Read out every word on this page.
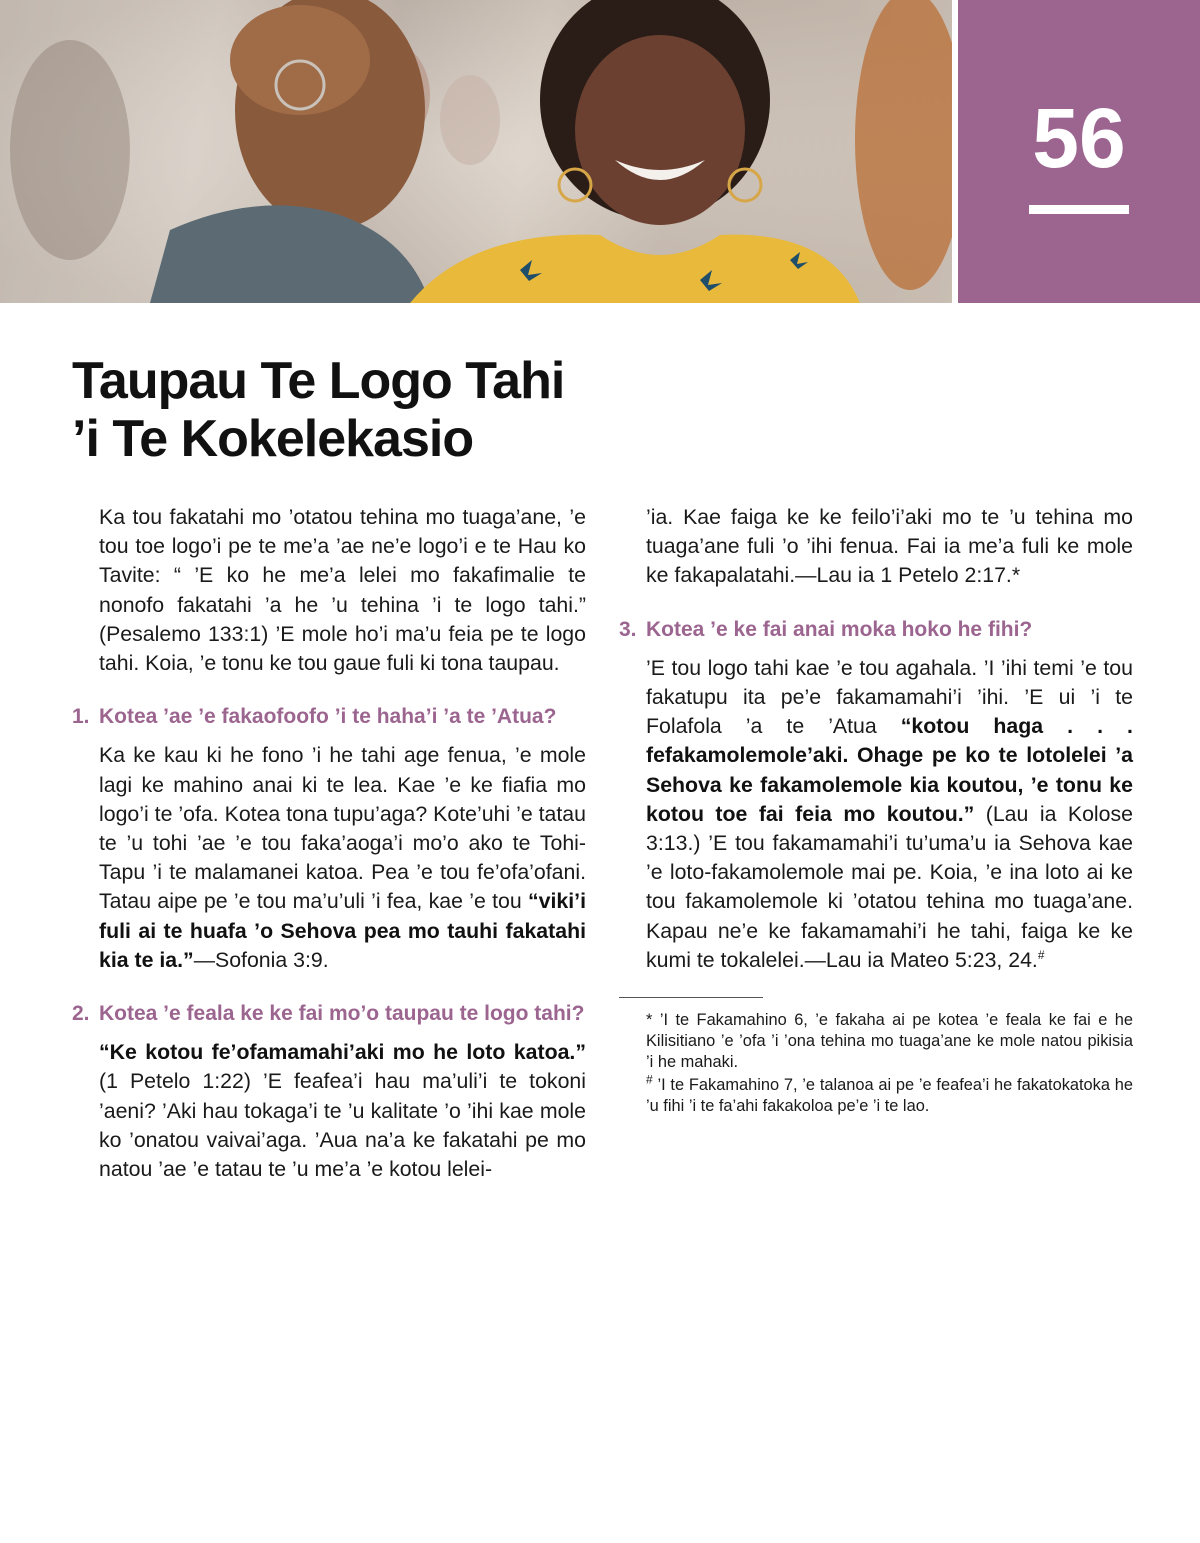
56
Taupau Te Logo Tahi
’i Te Kokelekasio

Ka tou fakatahi mo ’otatou tehina mo tuaga’ane, ’e tou toe logo’i pe te me’a ’ae ne’e logo’i e te Hau ko Tavite: “ ’E ko he me’a lelei mo fakafimalie te nonofo fakatahi ’a he ’u tehina ’i te logo tahi.” (Pesalemo 133:1) ’E mole ho’i ma’u feia pe te logo tahi. Koia, ’e tonu ke tou gaue fuli ki tona taupau.

1. Kotea ’ae ’e fakaofoofo ’i te haha’i ’a te ’Atua?

Ka ke kau ki he fono ’i he tahi age fenua, ’e mole lagi ke mahino anai ki te lea. Kae ’e ke fiafia mo logo’i te ’ofa. Kotea tona tupu’aga? Kote’uhi ’e tatau te ’u tohi ’ae ’e tou faka’aoga’i mo’o ako te Tohi-Tapu ’i te malamanei katoa. Pea ’e tou fe’ofa’ofani. Tatau aipe pe ’e tou ma’u’uli ’i fea, kae ’e tou “viki’i fuli ai te huafa ’o Sehova pea mo tauhi fakatahi kia te ia.”—Sofonia 3:9.

2. Kotea ’e feala ke ke fai mo’o taupau te logo tahi?

“Ke kotou fe’ofamamahi’aki mo he loto katoa.” (1 Petelo 1:22) ’E feafea’i hau ma’uli’i te tokoni ’aeni? ’Aki hau tokaga’i te ’u kalitate ’o ’ihi kae mole ko ’onatou vaivai’aga. ’Aua na’a ke fakatahi pe mo natou ’ae ’e tatau te ’u me’a ’e kotou lelei-

’ia. Kae faiga ke ke feilo’i’aki mo te ’u tehina mo tuaga’ane fuli ’o ’ihi fenua. Fai ia me’a fuli ke mole ke fakapalatahi.—Lau ia 1 Petelo 2:17.*

3. Kotea ’e ke fai anai moka hoko he fihi?

’E tou logo tahi kae ’e tou agahala. ’I ’ihi temi ’e tou fakatupu ita pe’e fakamamahi’i ’ihi. ’E ui ’i te Folafola ’a te ’Atua “kotou haga . . . fefakamolemole’aki. Ohage pe ko te lotolelei ’a Sehova ke fakamolemole kia koutou, ’e tonu ke kotou toe fai feia mo koutou.” (Lau ia Kolose 3:13.) ’E tou fakamamahi’i tu’uma’u ia Sehova kae ’e loto-fakamolemole mai pe. Koia, ’e ina loto ai ke tou fakamolemole ki ’otatou tehina mo tuaga’ane. Kapau ne’e ke fakamamahi’i he tahi, faiga ke ke kumi te tokalelei.—Lau ia Mateo 5:23, 24.#

* ’I te Fakamahino 6, ’e fakaha ai pe kotea ’e feala ke fai e he Kilisitiano ’e ’ofa ’i ’ona tehina mo tuaga’ane ke mole natou pikisia ’i he mahaki.

# ’I te Fakamahino 7, ’e talanoa ai pe ’e feafea’i he fakatokatoka he ’u fihi ’i te fa’ahi fakakoloa pe’e ’i te lao.
